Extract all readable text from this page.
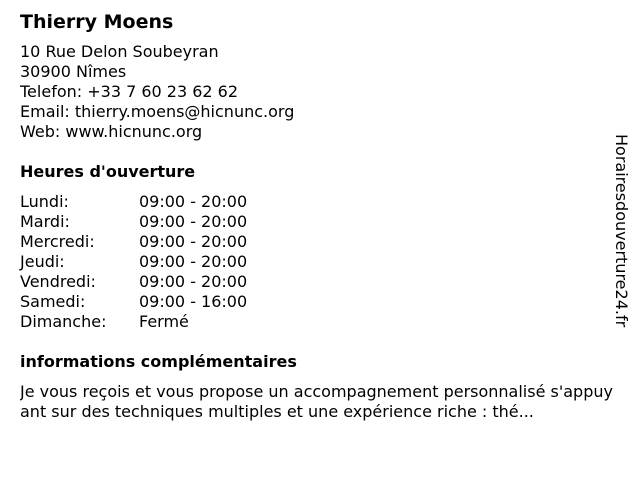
Thierry Moens
10 Rue Delon Soubeyran
30900 Nîmes
Telefon: +33 7 60 23 62 62
Email: thierry.moens@hicnunc.org
Web: www.hicnunc.org
Heures d'ouverture
Lundi:	09:00 - 20:00
Mardi:	09:00 - 20:00
Mercredi:	09:00 - 20:00
Jeudi:	09:00 - 20:00
Vendredi:	09:00 - 20:00
Samedi:	09:00 - 16:00
Dimanche:	Fermé
informations complémentaires
Je vous reçois et vous propose un accompagnement personnalisé s'appuyant sur des techniques multiples et une expérience riche : thé...
Horairesdouverture24.fr
